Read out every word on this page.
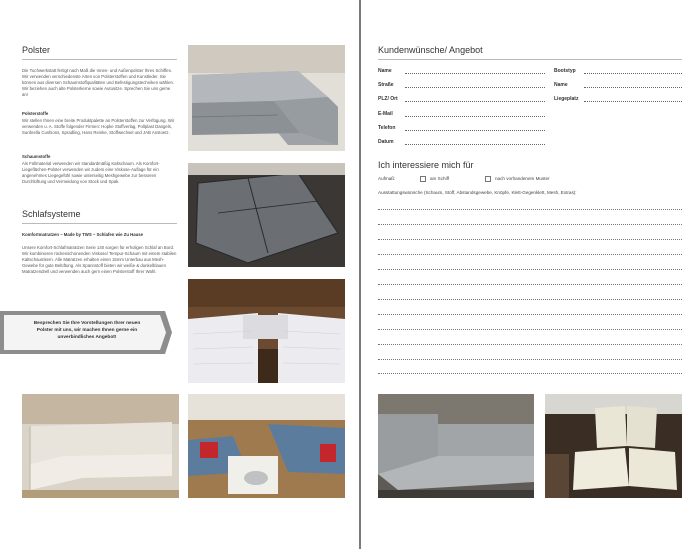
Polster

Die Tuchwerkstatt fertigt nach Maß die Innen- und Außenpolster Ihres Schiffes. Wir verwenden verschiedenste Arten von Polsterstoffen und Kunstleder. Sie können aus diversen Schaumstoffqualitäten und Befestigungstechniken wählen. Wir beziehen auch alte Polsterkerne sowie Autositze. Sprechen Sie uns gerne an!

Polsterstoffe

Wir stellen Ihnen eine breite Produktpalette an Polsterstoffen zur Verfügung. Wir verwenden u. A. Stoffe folgender Firmen: Hopke Stoffverlag, Pollplast Dangels, Sunbrella Cushions, Spradling, Hans Reinke, Stoffwechsel und JAB Anstoetz.

Schaumstoffe

Als Füllmaterial verwenden wir standardmäßig Kaltschaum. Als Komfort-Liegeflächen-Polster verwenden wir zudem eine Viskose-Auflage für ein angenehmes Liegegefühl sowie unterseitig Meshgewebe zur besseren Durchlüftung und Vermeidung von Stock und Spak.

Schlafsysteme

Komfortmatratzen – Made by TWS – Schlafen wie Zu Hause

Unsere Komfort-Schlafmatratzen Serie 140 sorgen für erholigen Schlaf an Bord. Wir kombinieren rückenschonenden Viskose/ Tempur-Schaum mit einem stabilen Kaltschaumkern. Alle Matratzen erhalten einen 15mm Unterbau aus Mesh-Gewebe für gute Belüftung. Als Spannstoff bieten wir weiße & dunkelblauen Matratzendrell und verwenden auch gern einen Polsterstoff Ihrer Wahl.

Besprechen Sie Ihre Vorstellungen Ihrer neuen
Polster mit uns, wir machen Ihnen gerne ein
unverbindliches Angebot!
Kundenwünsche/ Angebot
Name
Straße
PLZ/ Ort
E-Mail
Telefon
Datum
Bootstyp
Name
Liegeplatz
Ich interessiere mich für
Aufmaß:	am Schiff	nach vorhandenem Muster
Ausstattungswünsche (Schaum, Stoff, Abstandsgewebe, Knöpfe, Klett-Gegenklett, Mesh, Extras):
